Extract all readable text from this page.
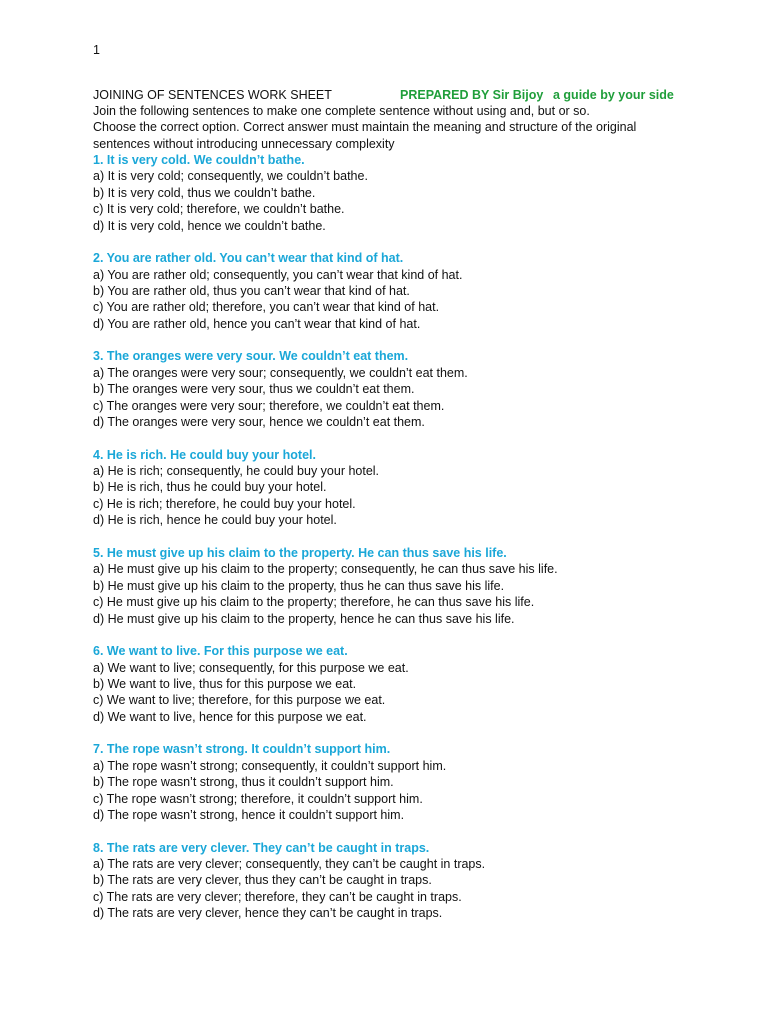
1
JOINING OF SENTENCES WORK SHEET	PREPARED BY Sir Bijoy a guide by your side

Join the following sentences to make one complete sentence without using and, but or so.

Choose the correct option. Correct answer must maintain the meaning and structure of the original sentences without introducing unnecessary complexity

1. It is very cold. We couldn’t bathe.
a) It is very cold; consequently, we couldn’t bathe.
b) It is very cold, thus we couldn’t bathe.
c) It is very cold; therefore, we couldn’t bathe.
d) It is very cold, hence we couldn’t bathe.
2. You are rather old. You can’t wear that kind of hat.
a) You are rather old; consequently, you can’t wear that kind of hat.
b) You are rather old, thus you can’t wear that kind of hat.
c) You are rather old; therefore, you can’t wear that kind of hat.
d) You are rather old, hence you can’t wear that kind of hat.
3. The oranges were very sour. We couldn’t eat them.
a) The oranges were very sour; consequently, we couldn’t eat them.
b) The oranges were very sour, thus we couldn’t eat them.
c) The oranges were very sour; therefore, we couldn’t eat them.
d) The oranges were very sour, hence we couldn’t eat them.
4. He is rich. He could buy your hotel.
a) He is rich; consequently, he could buy your hotel.
b) He is rich, thus he could buy your hotel.
c) He is rich; therefore, he could buy your hotel.
d) He is rich, hence he could buy your hotel.
5. He must give up his claim to the property. He can thus save his life.
a) He must give up his claim to the property; consequently, he can thus save his life.
b) He must give up his claim to the property, thus he can thus save his life.
c) He must give up his claim to the property; therefore, he can thus save his life.
d) He must give up his claim to the property, hence he can thus save his life.
6. We want to live. For this purpose we eat.
a) We want to live; consequently, for this purpose we eat.
b) We want to live, thus for this purpose we eat.
c) We want to live; therefore, for this purpose we eat.
d) We want to live, hence for this purpose we eat.
7. The rope wasn’t strong. It couldn’t support him.
a) The rope wasn’t strong; consequently, it couldn’t support him.
b) The rope wasn’t strong, thus it couldn’t support him.
c) The rope wasn’t strong; therefore, it couldn’t support him.
d) The rope wasn’t strong, hence it couldn’t support him.
8. The rats are very clever. They can’t be caught in traps.
a) The rats are very clever; consequently, they can’t be caught in traps.
b) The rats are very clever, thus they can’t be caught in traps.
c) The rats are very clever; therefore, they can’t be caught in traps.
d) The rats are very clever, hence they can’t be caught in traps.
